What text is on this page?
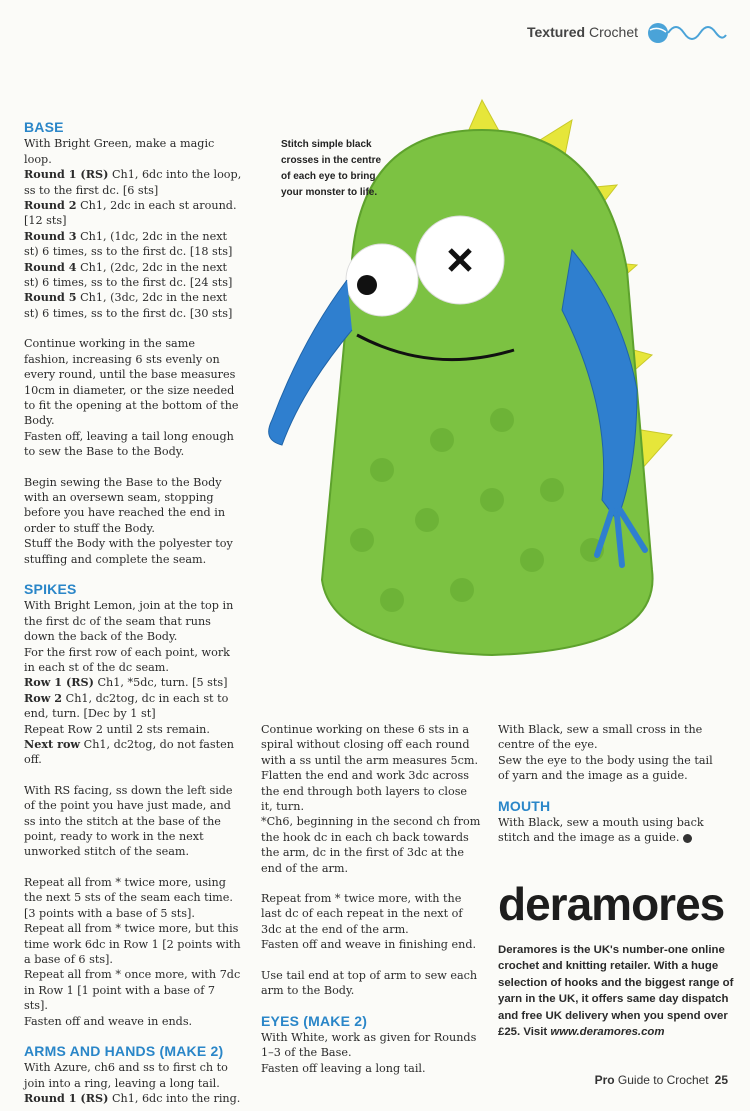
Textured Crochet
BASE

With Bright Green, make a magic loop.

Round 1 (RS) Ch1, 6dc into the loop, ss to the first dc. [6 sts]

Round 2 Ch1, 2dc in each st around. [12 sts]

Round 3 Ch1, (1dc, 2dc in the next st) 6 times, ss to the first dc. [18 sts]

Round 4 Ch1, (2dc, 2dc in the next st) 6 times, ss to the first dc. [24 sts]

Round 5 Ch1, (3dc, 2dc in the next st) 6 times, ss to the first dc. [30 sts]

Continue working in the same fashion, increasing 6 sts evenly on every round, until the base measures 10cm in diameter, or the size needed to fit the opening at the bottom of the Body.

Fasten off, leaving a tail long enough to sew the Base to the Body.

Begin sewing the Base to the Body with an oversewn seam, stopping before you have reached the end in order to stuff the Body.

Stuff the Body with the polyester toy stuffing and complete the seam.

SPIKES

With Bright Lemon, join at the top in the first dc of the seam that runs down the back of the Body.

For the first row of each point, work in each st of the dc seam.

Row 1 (RS) Ch1, *5dc, turn. [5 sts]

Row 2 Ch1, dc2tog, dc in each st to end, turn. [Dec by 1 st]

Repeat Row 2 until 2 sts remain.

Next row Ch1, dc2tog, do not fasten off.

With RS facing, ss down the left side of the point you have just made, and ss into the stitch at the base of the point, ready to work in the next unworked stitch of the seam.

Repeat all from * twice more, using the next 5 sts of the seam each time.

[3 points with a base of 5 sts].

Repeat all from * twice more, but this time work 6dc in Row 1 [2 points with a base of 6 sts].

Repeat all from * once more, with 7dc in Row 1 [1 point with a base of 7 sts].

Fasten off and weave in ends.

ARMS AND HANDS (MAKE 2)

With Azure, ch6 and ss to first ch to join into a ring, leaving a long tail.

Round 1 (RS) Ch1, 6dc into the ring.

Stitch simple black crosses in the centre of each eye to bring your monster to life.

Continue working on these 6 sts in a spiral without closing off each round with a ss until the arm measures 5cm.

Flatten the end and work 3dc across the end through both layers to close it, turn.

*Ch6, beginning in the second ch from the hook dc in each ch back towards the arm, dc in the first of 3dc at the end of the arm.

Repeat from * twice more, with the last dc of each repeat in the next of 3dc at the end of the arm.

Fasten off and weave in finishing end.

Use tail end at top of arm to sew each arm to the Body.

EYES (MAKE 2)

With White, work as given for Rounds 1–3 of the Base.

Fasten off leaving a long tail.

With Black, sew a small cross in the centre of the eye.

Sew the eye to the body using the tail of yarn and the image as a guide.

MOUTH

With Black, sew a mouth using back stitch and the image as a guide.

deramores
Deramores is the UK's number-one online crochet and knitting retailer. With a huge selection of hooks and the biggest range of yarn in the UK, it offers same day dispatch and free UK delivery when you spend over £25. Visit www.deramores.com
Pro Guide to Crochet 25
